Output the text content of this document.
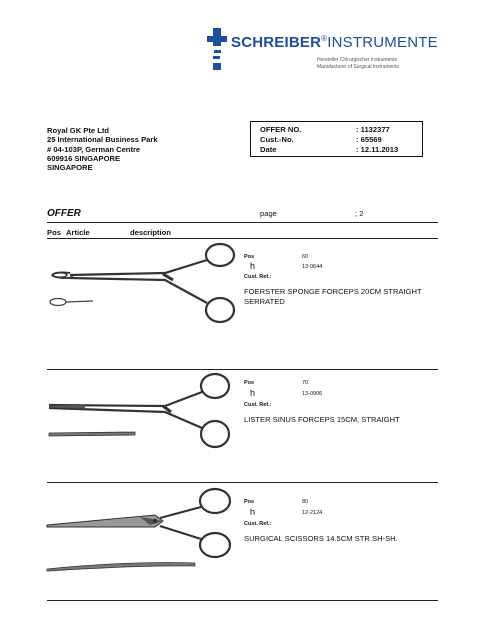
SCHREIBER®INSTRUMENTE
Hersteller Chirurgischer Instrumente
Manufacturer of Surgical Instruments
Royal GK Pte Ltd
25 International Business Park
# 04-103P, German Centre
609916 SINGAPORE
SINGAPORE
OFFER NO.	: 1132377
Cust.-No.	: 65569
Date	: 12.11.2013
OFFER	page	; 2
Pos Article	description
Pos	60
h	13-0644
Cust. Ref.:
FOERSTER SPONGE FORCEPS 20CM STRAIGHT SERRATED
Pos	70
h	13-0906
Cust. Ref.:
LISTER SINUS FORCEPS 15CM, STRAIGHT
Pos	80
h	12-2124
Cust. Ref.:
SURGICAL SCISSORS 14.5CM STR.SH-SH.
